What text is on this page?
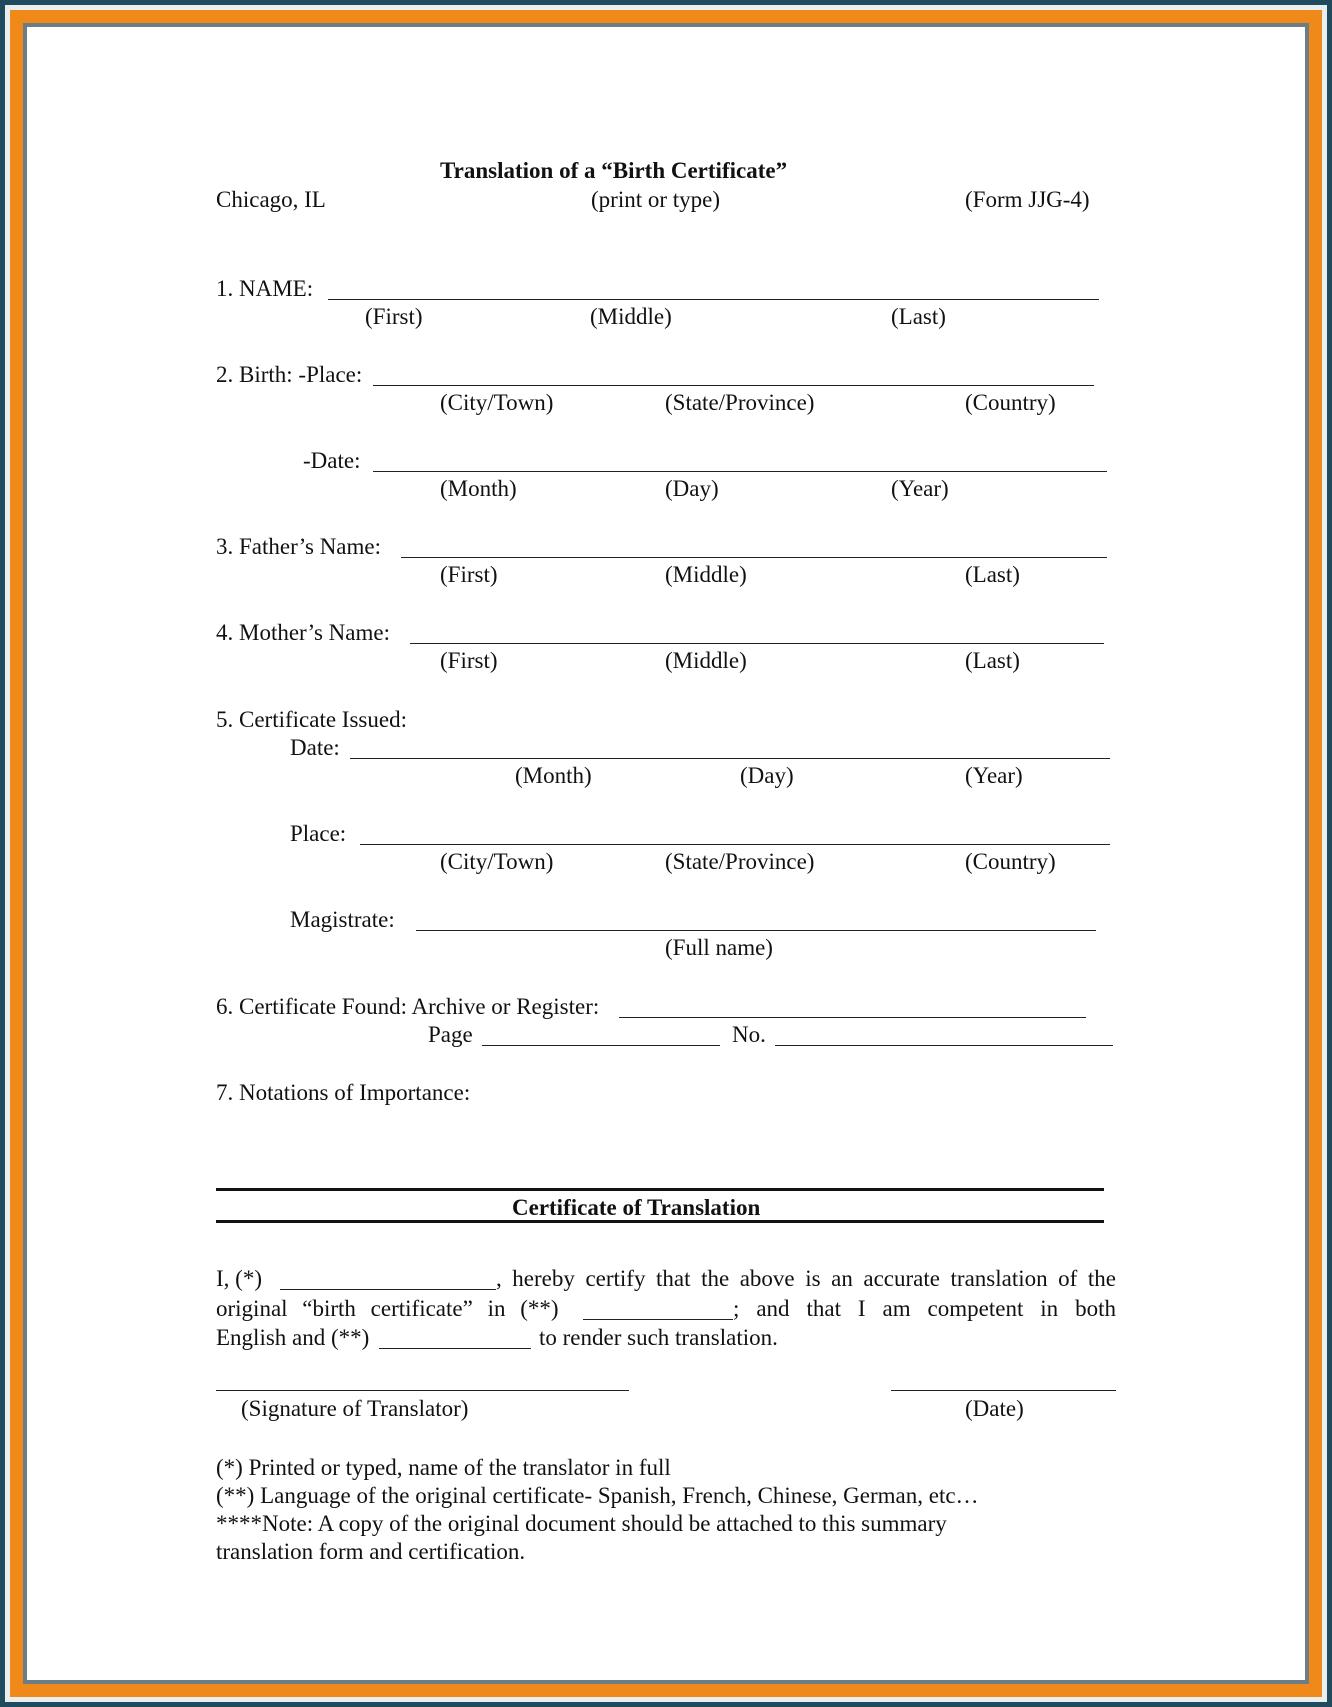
Translation of a “Birth Certificate”
Chicago, IL	(print or type)	(Form JJG-4)
1. NAME:
(First)	(Middle)	(Last)
2. Birth: -Place:
(City/Town)	(State/Province)	(Country)
-Date:
(Month)	(Day)	(Year)
3. Father’s Name:
(First)	(Middle)	(Last)
4. Mother’s Name:
(First)	(Middle)	(Last)
5. Certificate Issued:
Date:
(Month)	(Day)	(Year)
Place:
(City/Town)	(State/Province)	(Country)
Magistrate:
(Full name)
6. Certificate Found: Archive or Register:
Page	No.
7. Notations of Importance:
Certificate of Translation
I, (*)	, hereby certify that the above is an accurate translation of the
original “birth certificate” in (**)	; and that I am competent in both
English and (**)	to render such translation.
(Signature of Translator)	(Date)
(*) Printed or typed, name of the translator in full
(**) Language of the original certificate- Spanish, French, Chinese, German, etc…
****Note: A copy of the original document should be attached to this summary
translation form and certification.
